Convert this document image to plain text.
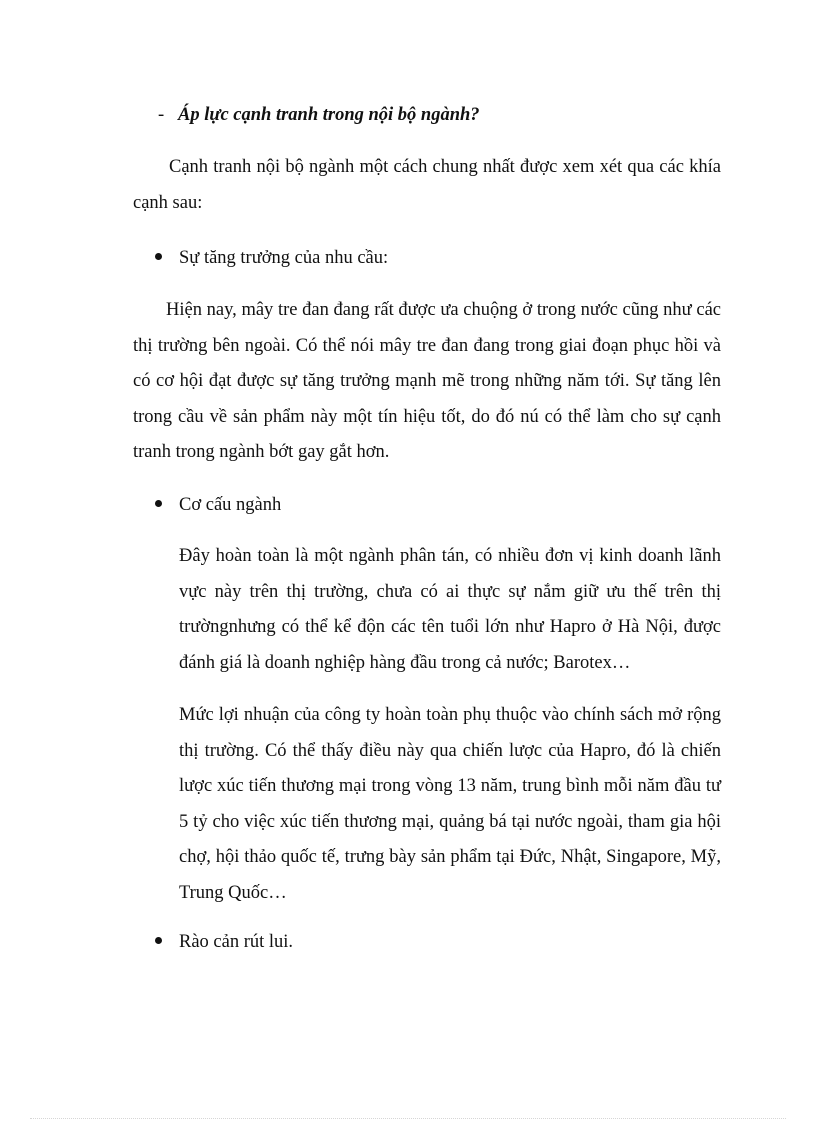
- Áp lực cạnh tranh trong nội bộ ngành?

Cạnh tranh nội bộ ngành một cách chung nhất được xem xét qua các khía cạnh sau:

Sự tăng trưởng của nhu cầu:

Hiện nay, mây tre đan đang rất được ưa chuộng ở trong nước cũng như các thị trường bên ngoài. Có thể nói mây tre đan đang trong giai đoạn phục hồi và có cơ hội đạt được sự tăng trưởng mạnh mẽ trong những năm tới. Sự tăng lên trong cầu về sản phẩm này một tín hiệu tốt, do đó nú có thể làm cho sự cạnh tranh trong ngành bớt gay gắt hơn.

Cơ cấu ngành

Đây hoàn toàn là một ngành phân tán, có nhiều đơn vị kinh doanh lãnh vực này trên thị trường, chưa có ai thực sự nắm giữ ưu thế trên thị trườngnhưng có thể kể độn các tên tuổi lớn như Hapro ở Hà Nội, được đánh giá là doanh nghiệp hàng đầu trong cả nước; Barotex…

Mức lợi nhuận của công ty hoàn toàn phụ thuộc vào chính sách mở rộng thị trường. Có thể thấy điều này qua chiến lược của Hapro, đó là chiến lược xúc tiến thương mại trong vòng 13 năm, trung bình mỗi năm đầu tư 5 tỷ cho việc xúc tiến thương mại, quảng bá tại nước ngoài, tham gia hội chợ, hội thảo quốc tế, trưng bày sản phẩm tại Đức, Nhật, Singapore, Mỹ, Trung Quốc…

Rào cản rút lui.
